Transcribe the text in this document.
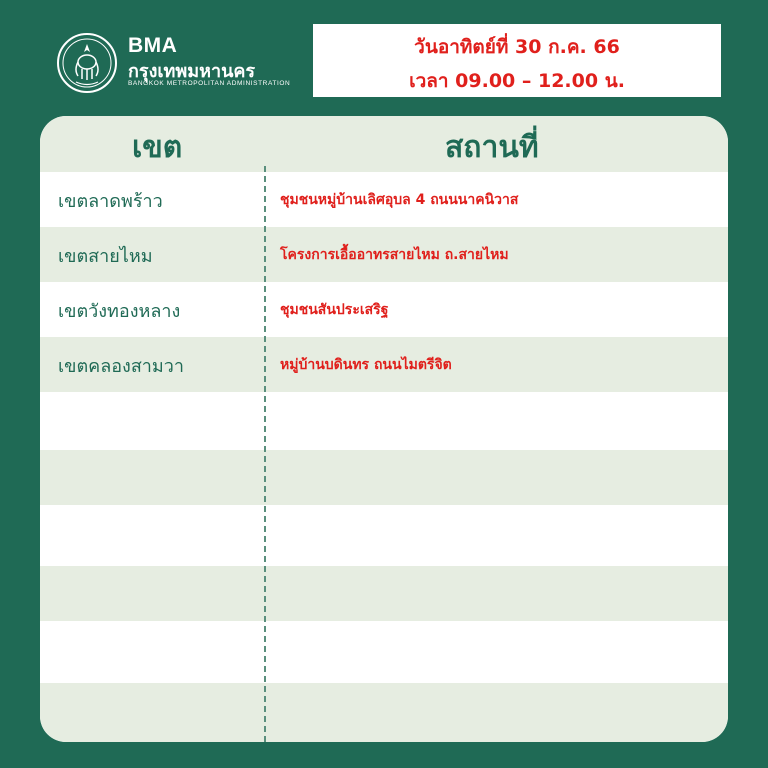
BMA
กรุงเทพมหานคร
BANGKOK METROPOLITAN ADMINISTRATION
วันอาทิตย์ที่ 30 ก.ค. 66
เวลา 09.00 – 12.00 น.
เขต	สถานที่
เขตลาดพร้าว	ชุมชนหมู่บ้านเลิศอุบล 4 ถนนนาคนิวาส
เขตสายไหม	โครงการเอื้ออาทรสายไหม ถ.สายไหม
เขตวังทองหลาง	ชุมชนสันประเสริฐ
เขตคลองสามวา	หมู่บ้านบดินทร ถนนไมตรีจิต
